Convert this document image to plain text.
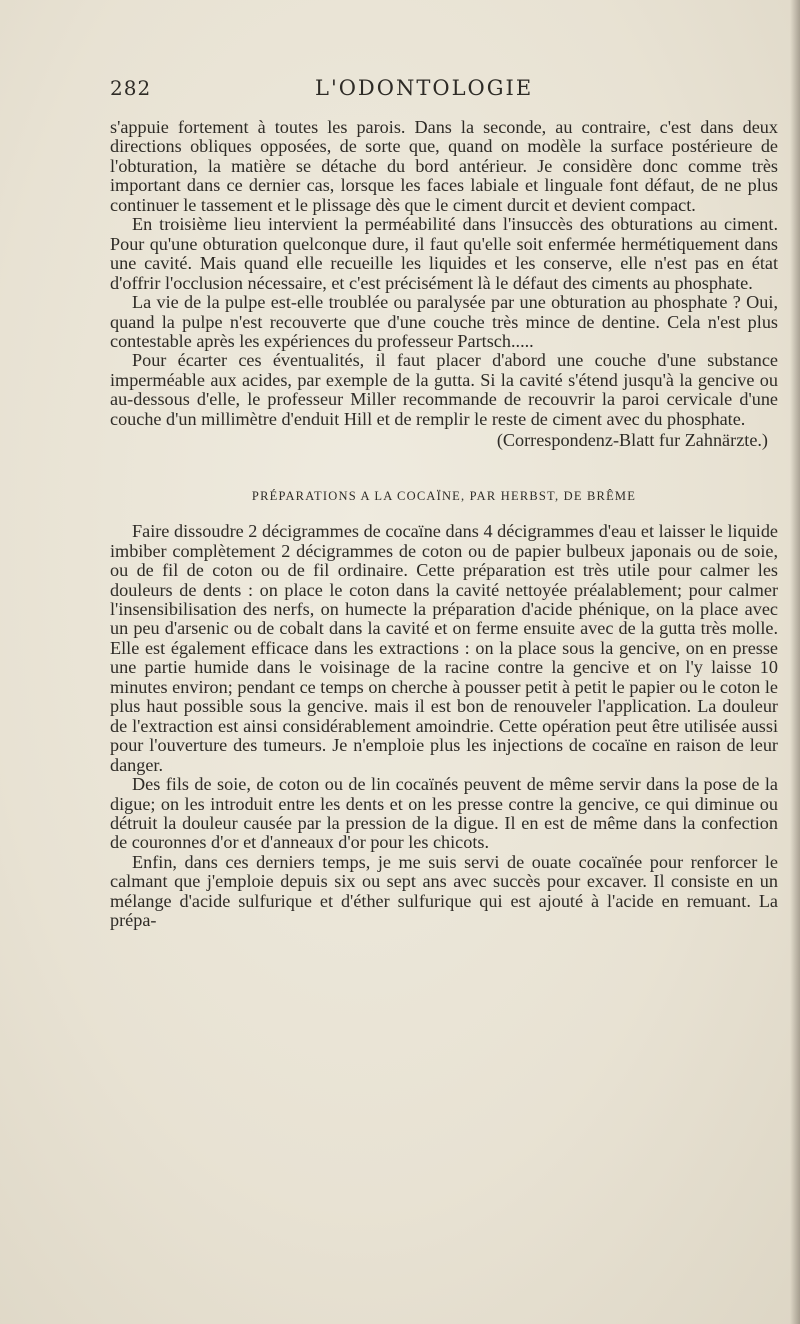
282	L'ODONTOLOGIE

s'appuie fortement à toutes les parois. Dans la seconde, au contraire, c'est dans deux directions obliques opposées, de sorte que, quand on modèle la surface postérieure de l'obturation, la matière se détache du bord antérieur. Je considère donc comme très important dans ce dernier cas, lorsque les faces labiale et linguale font défaut, de ne plus continuer le tassement et le plissage dès que le ciment durcit et devient compact.

En troisième lieu intervient la perméabilité dans l'insuccès des obturations au ciment. Pour qu'une obturation quelconque dure, il faut qu'elle soit enfermée hermétiquement dans une cavité. Mais quand elle recueille les liquides et les conserve, elle n'est pas en état d'offrir l'occlusion nécessaire, et c'est précisément là le défaut des ciments au phosphate.

La vie de la pulpe est-elle troublée ou paralysée par une obturation au phosphate ? Oui, quand la pulpe n'est recouverte que d'une couche très mince de dentine. Cela n'est plus contestable après les expériences du professeur Partsch.....

Pour écarter ces éventualités, il faut placer d'abord une couche d'une substance imperméable aux acides, par exemple de la gutta. Si la cavité s'étend jusqu'à la gencive ou au-dessous d'elle, le professeur Miller recommande de recouvrir la paroi cervicale d'une couche d'un millimètre d'enduit Hill et de remplir le reste de ciment avec du phosphate.

(Correspondenz-Blatt fur Zahnärzte.)
PRÉPARATIONS A LA COCAÏNE, PAR HERBST, DE BRÊME

Faire dissoudre 2 décigrammes de cocaïne dans 4 décigrammes d'eau et laisser le liquide imbiber complètement 2 décigrammes de coton ou de papier bulbeux japonais ou de soie, ou de fil de coton ou de fil ordinaire. Cette préparation est très utile pour calmer les douleurs de dents : on place le coton dans la cavité nettoyée préalablement; pour calmer l'insensibilisation des nerfs, on humecte la préparation d'acide phénique, on la place avec un peu d'arsenic ou de cobalt dans la cavité et on ferme ensuite avec de la gutta très molle. Elle est également efficace dans les extractions : on la place sous la gencive, on en presse une partie humide dans le voisinage de la racine contre la gencive et on l'y laisse 10 minutes environ; pendant ce temps on cherche à pousser petit à petit le papier ou le coton le plus haut possible sous la gencive. mais il est bon de renouveler l'application. La douleur de l'extraction est ainsi considérablement amoindrie. Cette opération peut être utilisée aussi pour l'ouverture des tumeurs. Je n'emploie plus les injections de cocaïne en raison de leur danger.

Des fils de soie, de coton ou de lin cocaïnés peuvent de même servir dans la pose de la digue; on les introduit entre les dents et on les presse contre la gencive, ce qui diminue ou détruit la douleur causée par la pression de la digue. Il en est de même dans la confection de couronnes d'or et d'anneaux d'or pour les chicots.

Enfin, dans ces derniers temps, je me suis servi de ouate cocaïnée pour renforcer le calmant que j'emploie depuis six ou sept ans avec succès pour excaver. Il consiste en un mélange d'acide sulfurique et d'éther sulfurique qui est ajouté à l'acide en remuant. La prépa-
